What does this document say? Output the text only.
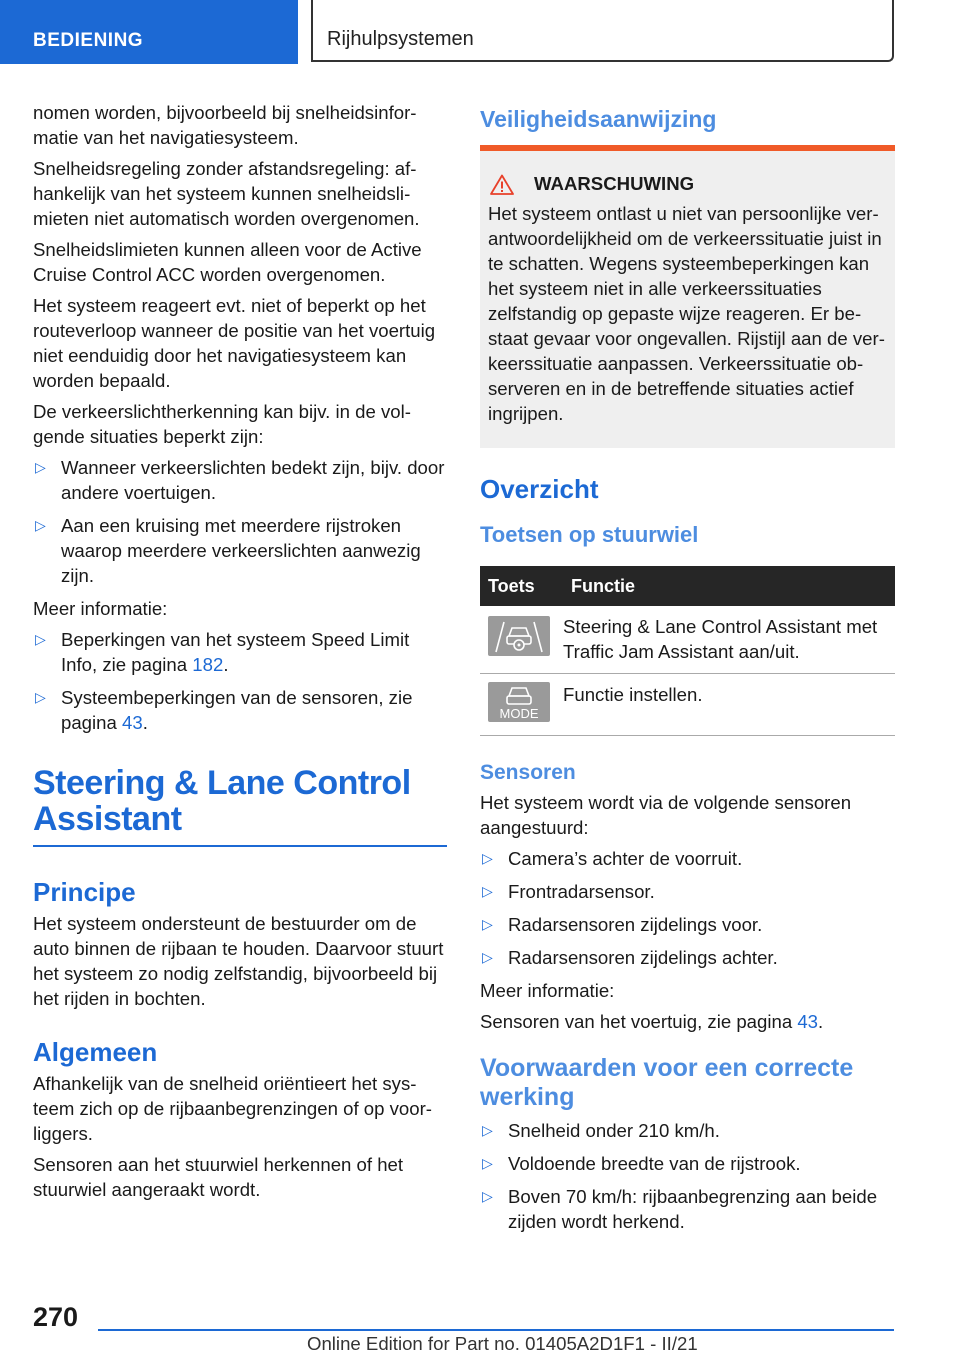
BEDIENING	Rijhulpsystemen

nomen worden, bijvoorbeeld bij snelheidsinformatie van het navigatiesysteem.

Snelheidsregeling zonder afstandsregeling: afhankelijk van het systeem kunnen snelheidslimieten niet automatisch worden overgenomen.

Snelheidslimieten kunnen alleen voor de Active Cruise Control ACC worden overgenomen.

Het systeem reageert evt. niet of beperkt op het routeverloop wanneer de positie van het voertuig niet eenduidig door het navigatiesysteem kan worden bepaald.

De verkeerslichtherkenning kan bijv. in de volgende situaties beperkt zijn:

▷ Wanneer verkeerslichten bedekt zijn, bijv. door andere voertuigen.
▷ Aan een kruising met meerdere rijstroken waarop meerdere verkeerslichten aanwezig zijn.

Meer informatie:

▷ Beperkingen van het systeem Speed Limit Info, zie pagina 182.
▷ Systeembeperkingen van de sensoren, zie pagina 43.
Steering & Lane Control Assistant
Principe

Het systeem ondersteunt de bestuurder om de auto binnen de rijbaan te houden. Daarvoor stuurt het systeem zo nodig zelfstandig, bijvoorbeeld bij het rijden in bochten.

Algemeen

Afhankelijk van de snelheid oriëntieert het systeem zich op de rijbaanbegrenzingen of op voorliggers.

Sensoren aan het stuurwiel herkennen of het stuurwiel aangeraakt wordt.

Veiligheidsaanwijzing
WAARSCHUWING

Het systeem ontlast u niet van persoonlijke verantwoordelijkheid om de verkeerssituatie juist in te schatten. Wegens systeembeperkingen kan het systeem niet in alle verkeerssituaties zelfstandig op gepaste wijze reageren. Er bestaat gevaar voor ongevallen. Rijstijl aan de verkeerssituatie aanpassen. Verkeerssituatie observeren en in de betreffende situaties actief ingrijpen.

Overzicht
Toetsen op stuurwiel
Toets	Functie

	Steering & Lane Control Assistant met Traffic Jam Assistant aan/uit.

MODE	Functie instellen.
Sensoren

Het systeem wordt via de volgende sensoren aangestuurd:

▷ Camera’s achter de voorruit.
▷ Frontradarsensor.
▷ Radarsensoren zijdelings voor.
▷ Radarsensoren zijdelings achter.

Meer informatie:

Sensoren van het voertuig, zie pagina 43.

Voorwaarden voor een correcte werking
▷ Snelheid onder 210 km/h.
▷ Voldoende breedte van de rijstrook.
▷ Boven 70 km/h: rijbaanbegrenzing aan beide zijden wordt herkend.
270
Online Edition for Part no. 01405A2D1F1 - II/21
